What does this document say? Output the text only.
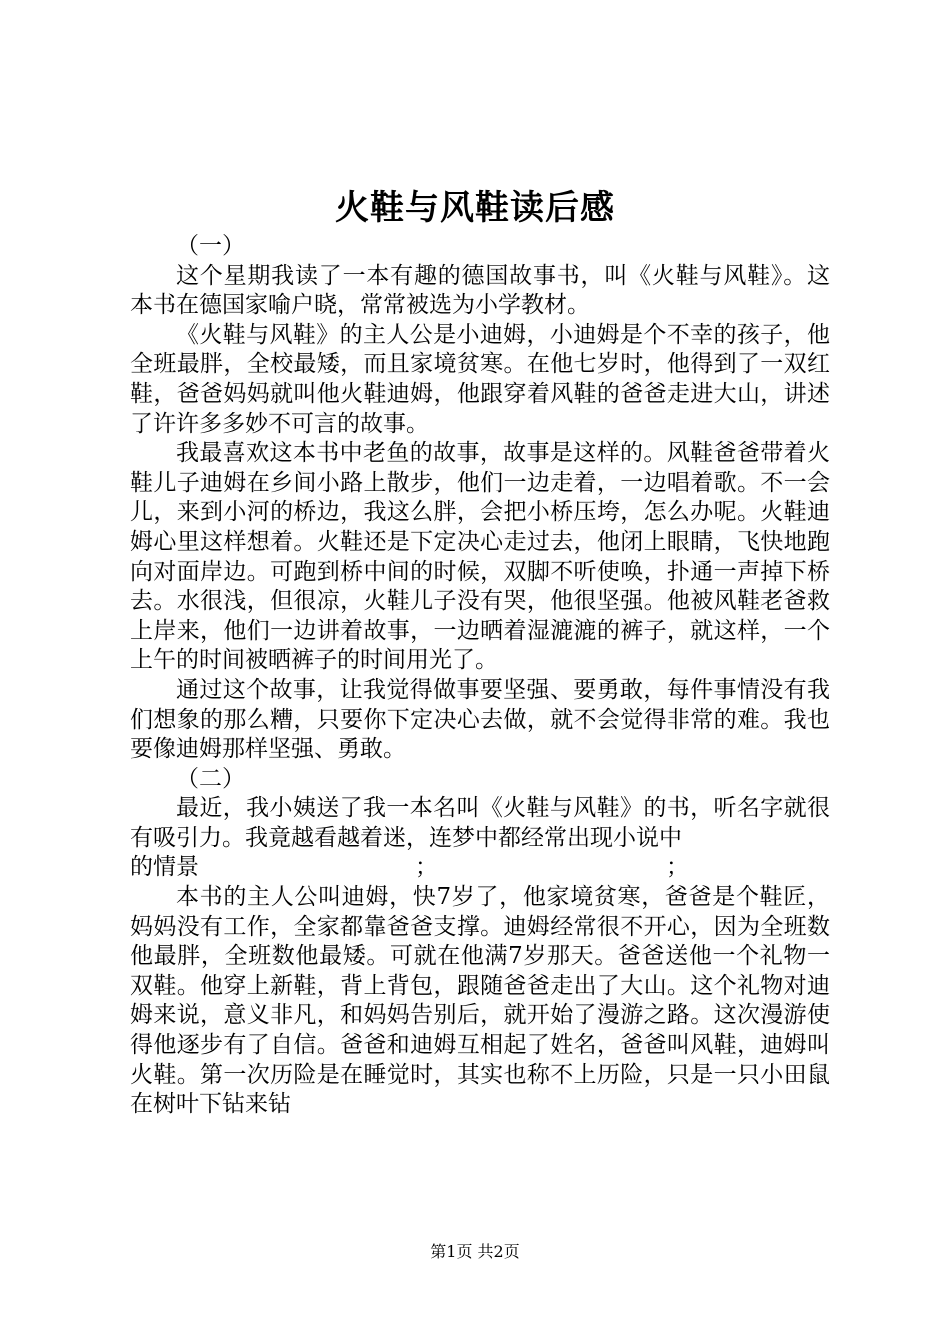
火鞋与风鞋读后感

（一）

这个星期我读了一本有趣的德国故事书，叫《火鞋与风鞋》。这本书在德国家喻户晓，常常被选为小学教材。

《火鞋与风鞋》的主人公是小迪姆，小迪姆是个不幸的孩子，他全班最胖，全校最矮，而且家境贫寒。在他七岁时，他得到了一双红鞋，爸爸妈妈就叫他火鞋迪姆，他跟穿着风鞋的爸爸走进大山，讲述了许许多多妙不可言的故事。

我最喜欢这本书中老鱼的故事，故事是这样的。风鞋爸爸带着火鞋儿子迪姆在乡间小路上散步，他们一边走着，一边唱着歌。不一会儿，来到小河的桥边，我这么胖，会把小桥压垮，怎么办呢。火鞋迪姆心里这样想着。火鞋还是下定决心走过去，他闭上眼睛，飞快地跑向对面岸边。可跑到桥中间的时候，双脚不听使唤，扑通一声掉下桥去。水很浅，但很凉，火鞋儿子没有哭，他很坚强。他被风鞋老爸救上岸来，他们一边讲着故事，一边晒着湿漉漉的裤子，就这样，一个上午的时间被晒裤子的时间用光了。

通过这个故事，让我觉得做事要坚强、要勇敢，每件事情没有我们想象的那么糟，只要你下定决心去做，就不会觉得非常的难。我也要像迪姆那样坚强、勇敢。

（二）

最近，我小姨送了我一本名叫《火鞋与风鞋》的书，听名字就很有吸引力。我竟越看越着迷，连梦中都经常出现小说中
的情景	；	；

本书的主人公叫迪姆，快7岁了，他家境贫寒，爸爸是个鞋匠，妈妈没有工作，全家都靠爸爸支撑。迪姆经常很不开心，因为全班数他最胖，全班数他最矮。可就在他满7岁那天。爸爸送他一个礼物一双鞋。他穿上新鞋，背上背包，跟随爸爸走出了大山。这个礼物对迪姆来说，意义非凡，和妈妈告别后，就开始了漫游之路。这次漫游使得他逐步有了自信。爸爸和迪姆互相起了姓名，爸爸叫风鞋，迪姆叫火鞋。第一次历险是在睡觉时，其实也称不上历险，只是一只小田鼠在树叶下钻来钻

第1页 共2页
